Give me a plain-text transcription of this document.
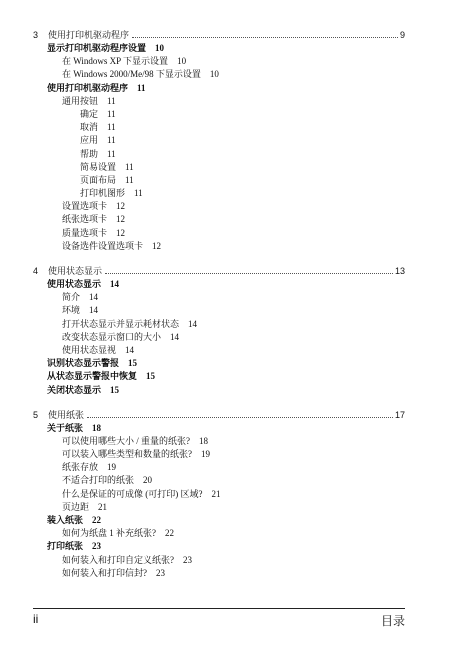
3	使用打印机驱动程序	9
显示打印机驱动程序设置 10
在 Windows XP 下显示设置 10
在 Windows 2000/Me/98 下显示设置 10
使用打印机驱动程序 11
通用按钮 11
确定 11
取消 11
应用 11
帮助 11
简易设置 11
页面布局 11
打印机图形 11
设置选项卡 12
纸张选项卡 12
质量选项卡 12
设备选件设置选项卡 12
4	使用状态显示	13
使用状态显示 14
简介 14
环境 14
打开状态显示并显示耗材状态 14
改变状态显示窗口的大小 14
使用状态显视 14
识别状态显示警报 15
从状态显示警报中恢复 15
关闭状态显示 15
5	使用纸张	17
关于纸张 18
可以使用哪些大小 / 重量的纸张? 18
可以装入哪些类型和数量的纸张? 19
纸张存放 19
不适合打印的纸张 20
什么是保证的可成像 (可打印) 区域? 21
页边距 21
装入纸张 22
如何为纸盘 1 补充纸张? 22
打印纸张 23
如何装入和打印自定义纸张? 23
如何装入和打印信封? 23
ii	目录
